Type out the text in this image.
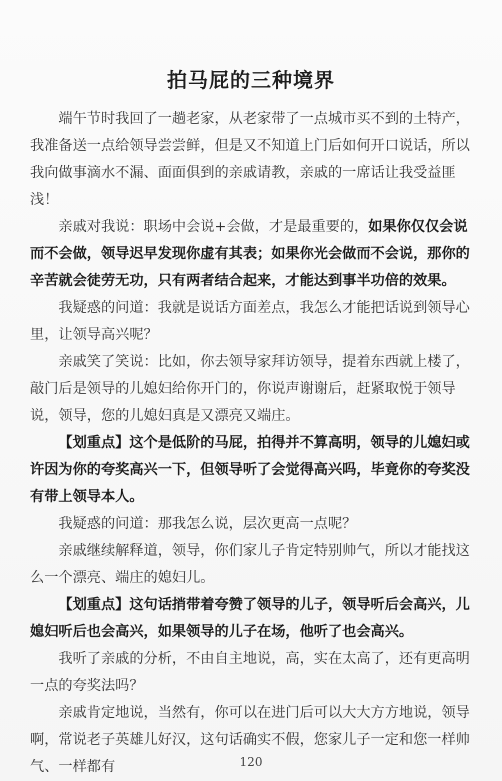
拍马屁的三种境界

端午节时我回了一趟老家，从老家带了一点城市买不到的土特产，我准备送一点给领导尝尝鲜，但是又不知道上门后如何开口说话，所以我向做事滴水不漏、面面俱到的亲戚请教，亲戚的一席话让我受益匪浅！

亲戚对我说：职场中会说+会做，才是最重要的，如果你仅仅会说而不会做，领导迟早发现你虚有其表；如果你光会做而不会说，那你的辛苦就会徒劳无功，只有两者结合起来，才能达到事半功倍的效果。

我疑惑的问道：我就是说话方面差点，我怎么才能把话说到领导心里，让领导高兴呢？

亲戚笑了笑说：比如，你去领导家拜访领导，提着东西就上楼了，敲门后是领导的儿媳妇给你开门的，你说声谢谢后，赶紧取悦于领导说，领导，您的儿媳妇真是又漂亮又端庄。

【划重点】这个是低阶的马屁，拍得并不算高明，领导的儿媳妇或许因为你的夸奖高兴一下，但领导听了会觉得高兴吗，毕竟你的夸奖没有带上领导本人。

我疑惑的问道：那我怎么说，层次更高一点呢？

亲戚继续解释道，领导，你们家儿子肯定特别帅气，所以才能找这么一个漂亮、端庄的媳妇儿。

【划重点】这句话捎带着夸赞了领导的儿子，领导听后会高兴，儿媳妇听后也会高兴，如果领导的儿子在场，他听了也会高兴。

我听了亲戚的分析，不由自主地说，高，实在太高了，还有更高明一点的夸奖法吗？

亲戚肯定地说，当然有，你可以在进门后可以大大方方地说，领导啊，常说老子英雄儿好汉，这句话确实不假，您家儿子一定和您一样帅气、一样都有	120
